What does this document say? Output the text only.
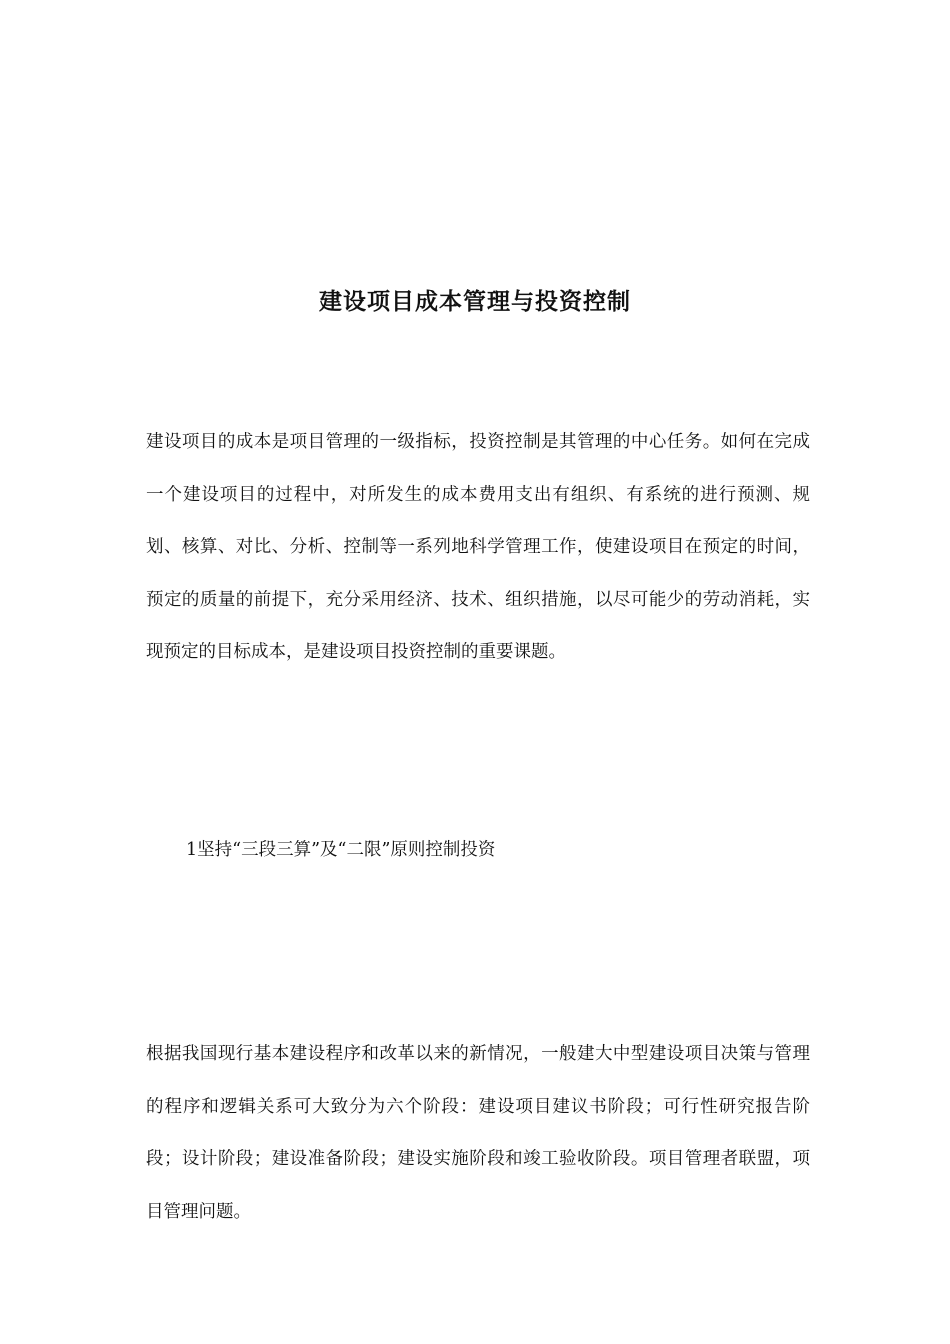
建设项目成本管理与投资控制

建设项目的成本是项目管理的一级指标，投资控制是其管理的中心任务。如何在完成一个建设项目的过程中，对所发生的成本费用支出有组织、有系统的进行预测、规划、核算、对比、分析、控制等一系列地科学管理工作，使建设项目在预定的时间，预定的质量的前提下，充分采用经济、技术、组织措施，以尽可能少的劳动消耗，实现预定的目标成本，是建设项目投资控制的重要课题。

1坚持“三段三算”及“二限”原则控制投资

根据我国现行基本建设程序和改革以来的新情况，一般建大中型建设项目决策与管理的程序和逻辑关系可大致分为六个阶段：建设项目建议书阶段；可行性研究报告阶段；设计阶段；建设准备阶段；建设实施阶段和竣工验收阶段。项目管理者联盟，项目管理问题。
